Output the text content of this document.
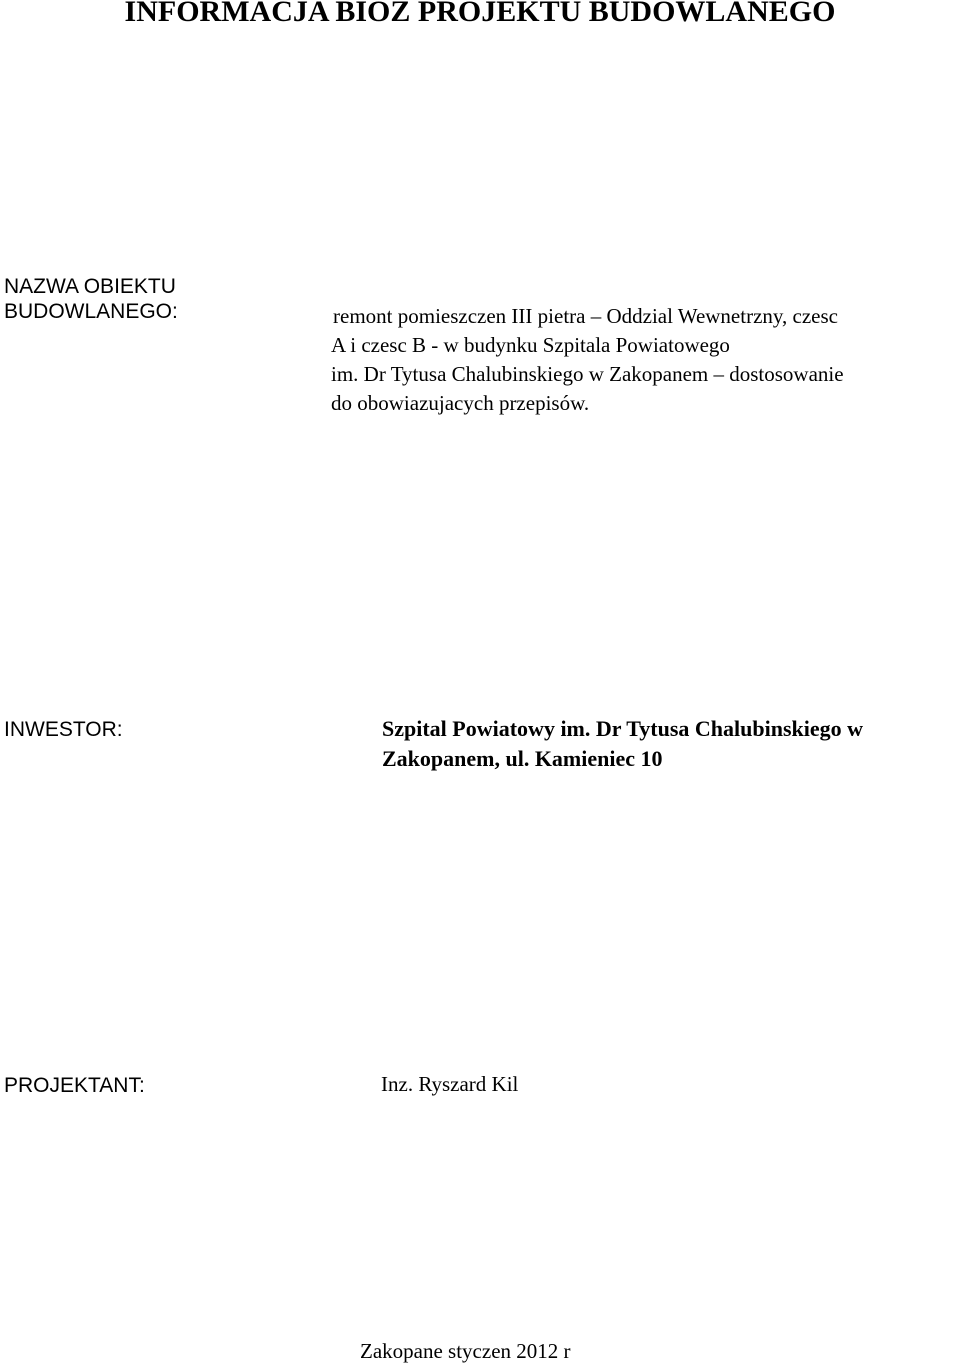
INFORMACJA BIOZ PROJEKTU BUDOWLANEGO
NAZWA OBIEKTU
BUDOWLANEGO:	remont pomieszczen III pietra – Oddzial Wewnetrzny, czesc
A i czesc B - w budynku Szpitala Powiatowego
im. Dr Tytusa Chalubinskiego w Zakopanem – dostosowanie
do obowiazujacych przepisów.
INWESTOR:	Szpital Powiatowy im. Dr Tytusa Chalubinskiego w
Zakopanem, ul. Kamieniec 10
PROJEKTANT:	Inz. Ryszard Kil
Zakopane styczen 2012 r
